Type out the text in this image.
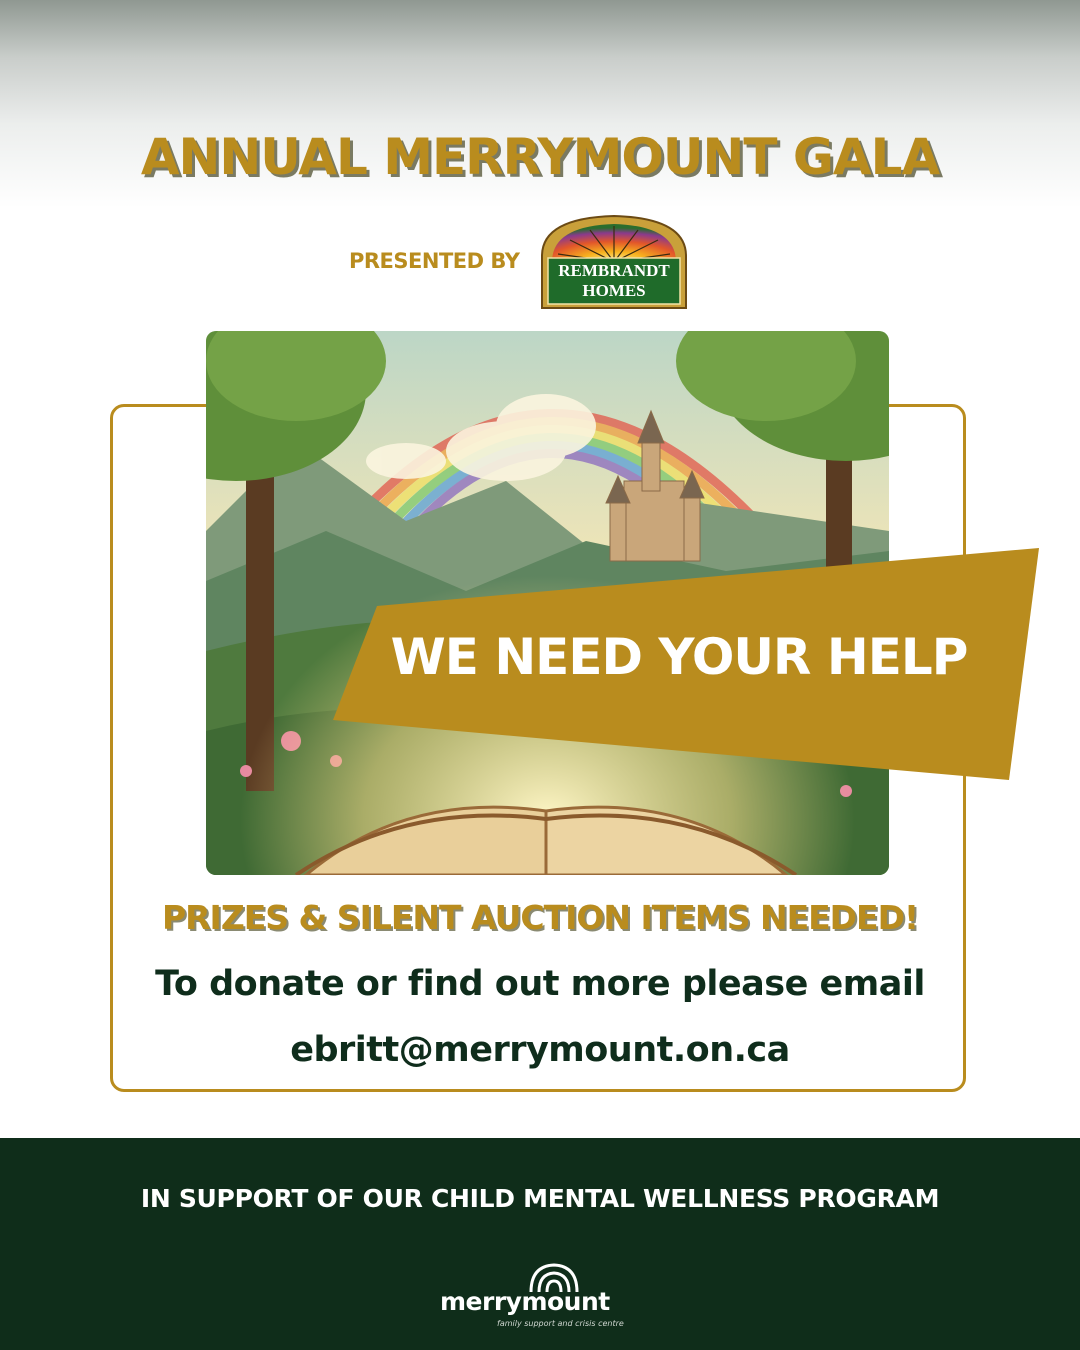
ANNUAL MERRYMOUNT GALA
PRESENTED BY REMBRANDT
HOMES
WE NEED YOUR HELP
PRIZES & SILENT AUCTION ITEMS NEEDED!
To donate or find out more please email
ebritt@merrymount.on.ca
IN SUPPORT OF OUR CHILD MENTAL WELLNESS PROGRAM
merrymount
family support and crisis centre
